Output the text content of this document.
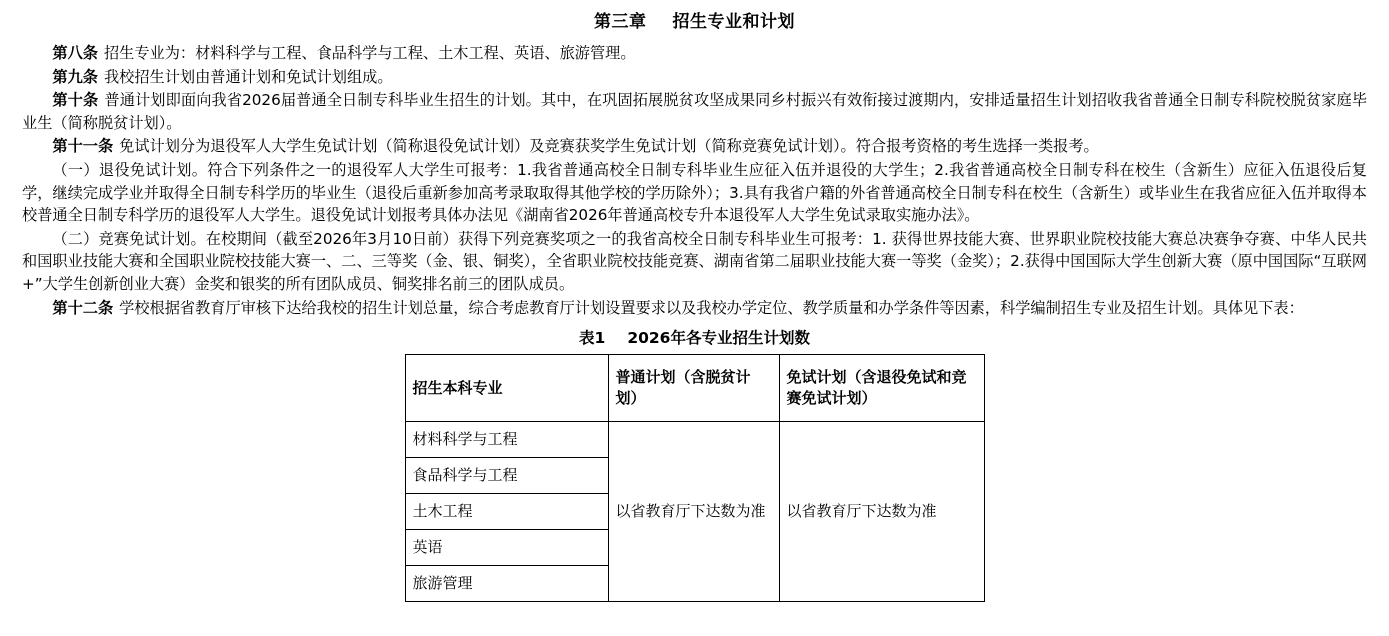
第三章 招生专业和计划

第八条 招生专业为：材料科学与工程、食品科学与工程、土木工程、英语、旅游管理。

第九条 我校招生计划由普通计划和免试计划组成。

第十条 普通计划即面向我省2026届普通全日制专科毕业生招生的计划。其中，在巩固拓展脱贫攻坚成果同乡村振兴有效衔接过渡期内，安排适量招生计划招收我省普通全日制专科院校脱贫家庭毕业生（简称脱贫计划）。

第十一条 免试计划分为退役军人大学生免试计划（简称退役免试计划）及竞赛获奖学生免试计划（简称竞赛免试计划）。符合报考资格的考生选择一类报考。

（一）退役免试计划。符合下列条件之一的退役军人大学生可报考：1.我省普通高校全日制专科毕业生应征入伍并退役的大学生；2.我省普通高校全日制专科在校生（含新生）应征入伍退役后复学，继续完成学业并取得全日制专科学历的毕业生（退役后重新参加高考录取取得其他学校的学历除外）；3.具有我省户籍的外省普通高校全日制专科在校生（含新生）或毕业生在我省应征入伍并取得本校普通全日制专科学历的退役军人大学生。退役免试计划报考具体办法见《湖南省2026年普通高校专升本退役军人大学生免试录取实施办法》。

（二）竞赛免试计划。在校期间（截至2026年3月10日前）获得下列竞赛奖项之一的我省高校全日制专科毕业生可报考：1. 获得世界技能大赛、世界职业院校技能大赛总决赛争夺赛、中华人民共和国职业技能大赛和全国职业院校技能大赛一、二、三等奖（金、银、铜奖），全省职业院校技能竞赛、湖南省第二届职业技能大赛一等奖（金奖）；2.获得中国国际大学生创新大赛（原中国国际“互联网+”大学生创新创业大赛）金奖和银奖的所有团队成员、铜奖排名前三的团队成员。

第十二条 学校根据省教育厅审核下达给我校的招生计划总量，综合考虑教育厅计划设置要求以及我校办学定位、教学质量和办学条件等因素，科学编制招生专业及招生计划。具体见下表：

表1 2026年各专业招生计划数
招生本科专业	普通计划（含脱贫计划）	免试计划（含退役免试和竞赛免试计划）
材料科学与工程	以省教育厅下达数为准	以省教育厅下达数为准
食品科学与工程		
土木工程		
英语		
旅游管理		
